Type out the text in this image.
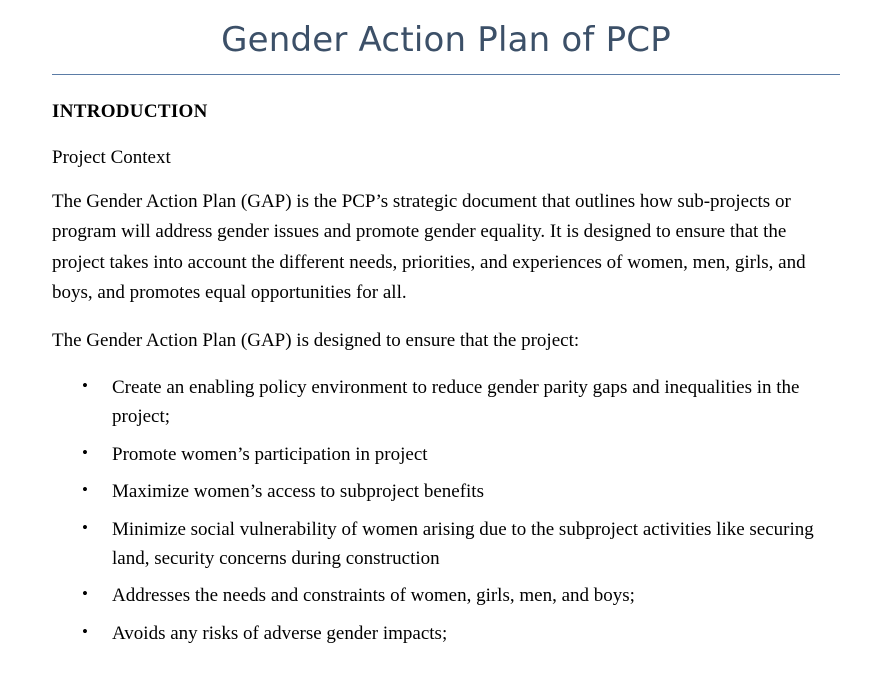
Gender Action Plan of PCP
INTRODUCTION

Project Context

The Gender Action Plan (GAP) is the PCP’s strategic document that outlines how sub-projects or program will address gender issues and promote gender equality. It is designed to ensure that the project takes into account the different needs, priorities, and experiences of women, men, girls, and boys, and promotes equal opportunities for all.

The Gender Action Plan (GAP) is designed to ensure that the project:

• Create an enabling policy environment to reduce gender parity gaps and inequalities in the project;
• Promote women’s participation in project
• Maximize women’s access to subproject benefits
• Minimize social vulnerability of women arising due to the subproject activities like securing land, security concerns during construction
• Addresses the needs and constraints of women, girls, men, and boys;
• Avoids any risks of adverse gender impacts;
